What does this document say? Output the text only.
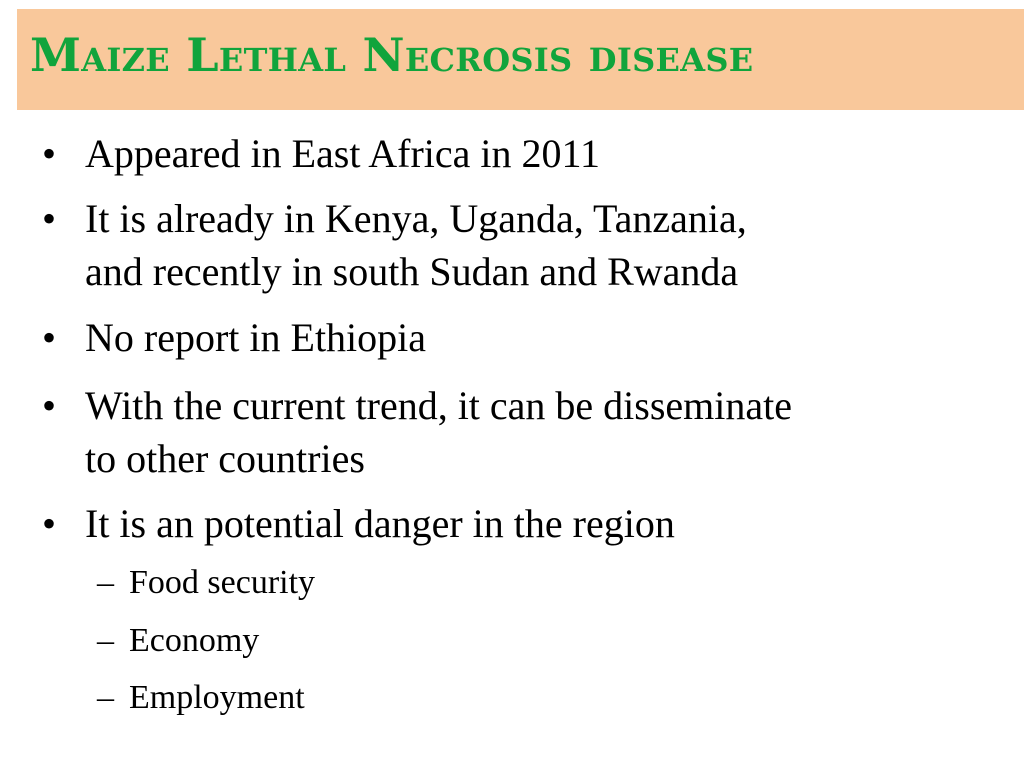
Maize Lethal Necrosis disease
• Appeared in East Africa in 2011
• It is already in Kenya, Uganda, Tanzania,
and recently in south Sudan and Rwanda
• No report in Ethiopia
• With the current trend, it can be disseminate
to other countries
• It is an potential danger in the region
– Food security
– Economy
– Employment
